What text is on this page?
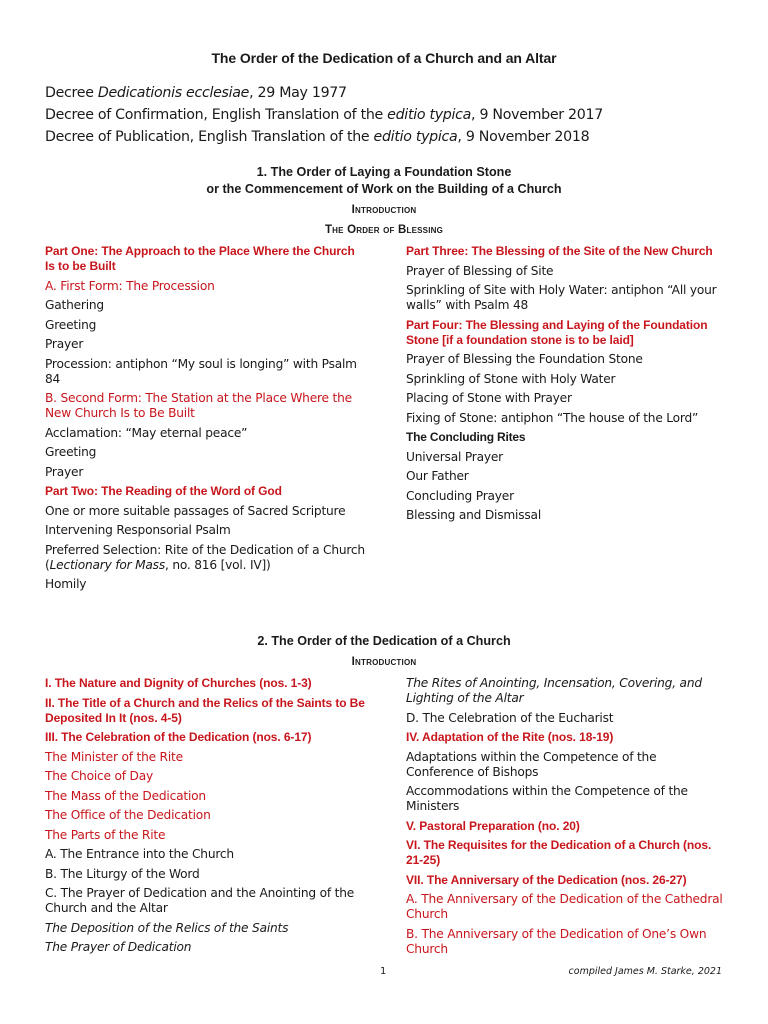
The Order of the Dedication of a Church and an Altar
Decree Dedicationis ecclesiae, 29 May 1977
Decree of Confirmation, English Translation of the editio typica, 9 November 2017
Decree of Publication, English Translation of the editio typica, 9 November 2018
1. The Order of Laying a Foundation Stone
or the Commencement of Work on the Building of a Church
Introduction
The Order of Blessing
Part One: The Approach to the Place Where the Church Is to be Built
A. First Form: The Procession
Gathering
Greeting
Prayer
Procession: antiphon “My soul is longing” with Psalm 84
B. Second Form: The Station at the Place Where the New Church Is to Be Built
Acclamation: “May eternal peace”
Greeting
Prayer
Part Two: The Reading of the Word of God
One or more suitable passages of Sacred Scripture
Intervening Responsorial Psalm
Preferred Selection: Rite of the Dedication of a Church (Lectionary for Mass, no. 816 [vol. IV])
Homily
Part Three: The Blessing of the Site of the New Church
Prayer of Blessing of Site
Sprinkling of Site with Holy Water: antiphon “All your walls” with Psalm 48
Part Four: The Blessing and Laying of the Foundation Stone [if a foundation stone is to be laid]
Prayer of Blessing the Foundation Stone
Sprinkling of Stone with Holy Water
Placing of Stone with Prayer
Fixing of Stone: antiphon “The house of the Lord”
The Concluding Rites
Universal Prayer
Our Father
Concluding Prayer
Blessing and Dismissal
2. The Order of the Dedication of a Church
Introduction
I. The Nature and Dignity of Churches (nos. 1-3)
II. The Title of a Church and the Relics of the Saints to Be Deposited In It (nos. 4-5)
III. The Celebration of the Dedication (nos. 6-17)
The Minister of the Rite
The Choice of Day
The Mass of the Dedication
The Office of the Dedication
The Parts of the Rite
A. The Entrance into the Church
B. The Liturgy of the Word
C. The Prayer of Dedication and the Anointing of the Church and the Altar
The Deposition of the Relics of the Saints
The Prayer of Dedication
The Rites of Anointing, Incensation, Covering, and Lighting of the Altar
D. The Celebration of the Eucharist
IV. Adaptation of the Rite (nos. 18-19)
Adaptations within the Competence of the Conference of Bishops
Accommodations within the Competence of the Ministers
V. Pastoral Preparation (no. 20)
VI. The Requisites for the Dedication of a Church (nos. 21-25)
VII. The Anniversary of the Dedication (nos. 26-27)
A. The Anniversary of the Dedication of the Cathedral Church
B. The Anniversary of the Dedication of One’s Own Church
1	compiled James M. Starke, 2021
